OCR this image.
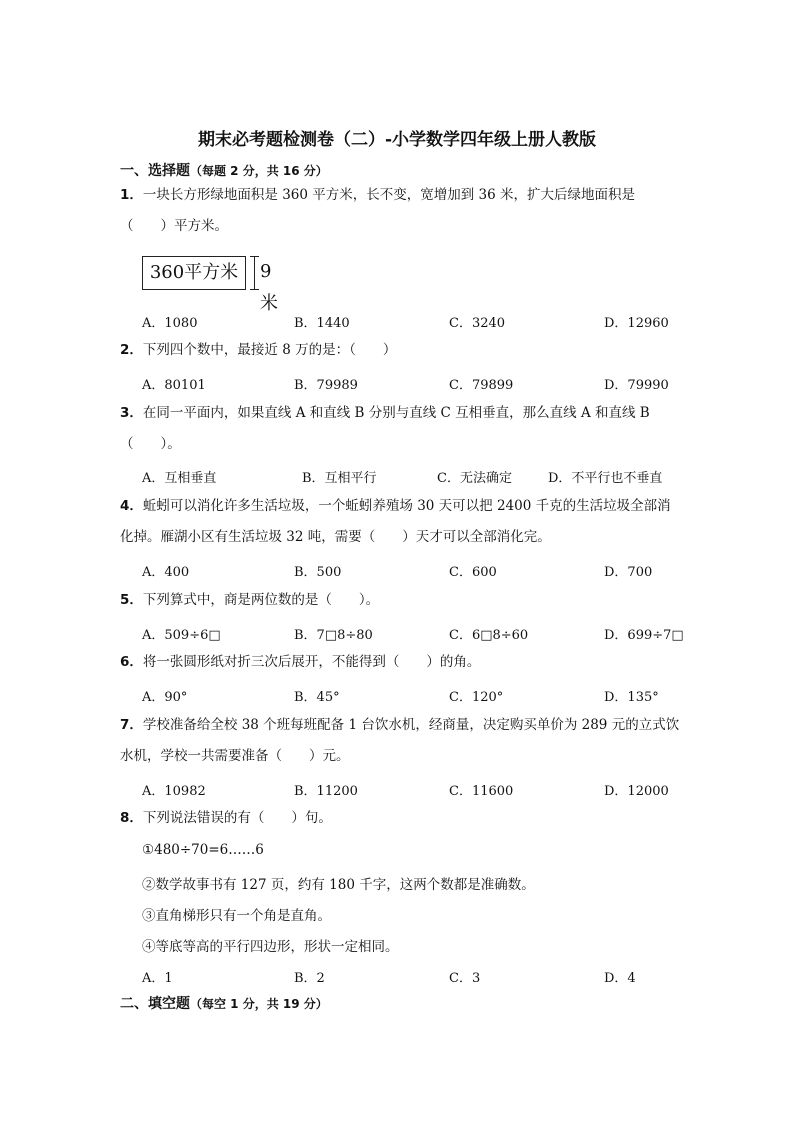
期末必考题检测卷（二）-小学数学四年级上册人教版
一、选择题（每题 2 分，共 16 分）
1．一块长方形绿地面积是 360 平方米，长不变，宽增加到 36 米，扩大后绿地面积是（　　）平方米。
360平方米	9米
A．1080	B．1440	C．3240	D．12960
2．下列四个数中，最接近 8 万的是：（　　）
A．80101	B．79989	C．79899	D．79990
3．在同一平面内，如果直线 A 和直线 B 分别与直线 C 互相垂直，那么直线 A 和直线 B（　　）。
A．互相垂直	B．互相平行	C．无法确定	D．不平行也不垂直
4．蚯蚓可以消化许多生活垃圾，一个蚯蚓养殖场 30 天可以把 2400 千克的生活垃圾全部消化掉。雁湖小区有生活垃圾 32 吨，需要（　　）天才可以全部消化完。
A．400	B．500	C．600	D．700
5．下列算式中，商是两位数的是（　　）。
A．509÷6□	B．7□8÷80	C．6□8÷60	D．699÷7□
6．将一张圆形纸对折三次后展开，不能得到（　　）的角。
A．90°	B．45°	C．120°	D．135°
7．学校准备给全校 38 个班每班配备 1 台饮水机，经商量，决定购买单价为 289 元的立式饮水机，学校一共需要准备（　　）元。
A．10982	B．11200	C．11600	D．12000
8．下列说法错误的有（　　）句。
①480÷70=6……6
②数学故事书有 127 页，约有 180 千字，这两个数都是准确数。
③直角梯形只有一个角是直角。
④等底等高的平行四边形，形状一定相同。
A．1	B．2	C．3	D．4
二、填空题（每空 1 分，共 19 分）
